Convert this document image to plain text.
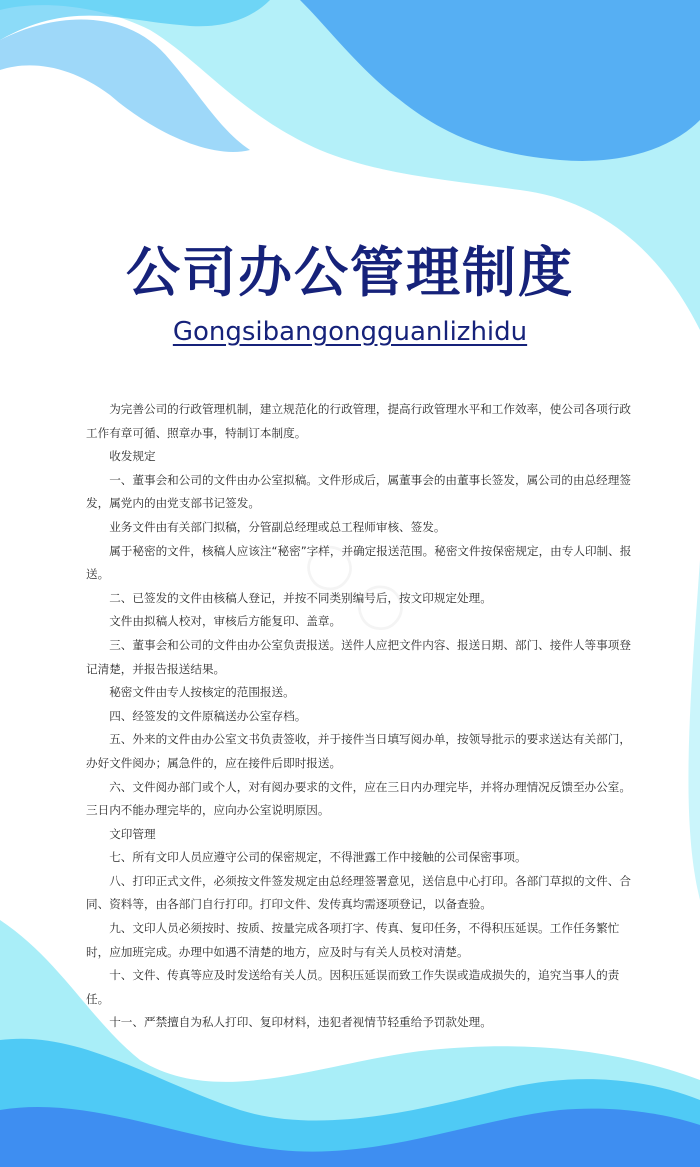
公司办公管理制度
Gongsibangongguanlizhidu

为完善公司的行政管理机制，建立规范化的行政管理，提高行政管理水平和工作效率，使公司各项行政工作有章可循、照章办事，特制订本制度。

收发规定

一、董事会和公司的文件由办公室拟稿。文件形成后，属董事会的由董事长签发，属公司的由总经理签发，属党内的由党支部书记签发。

业务文件由有关部门拟稿，分管副总经理或总工程师审核、签发。

属于秘密的文件，核稿人应该注“秘密”字样，并确定报送范围。秘密文件按保密规定，由专人印制、报送。

二、已签发的文件由核稿人登记，并按不同类别编号后，按文印规定处理。

文件由拟稿人校对，审核后方能复印、盖章。

三、董事会和公司的文件由办公室负责报送。送件人应把文件内容、报送日期、部门、接件人等事项登记清楚，并报告报送结果。

秘密文件由专人按核定的范围报送。

四、经签发的文件原稿送办公室存档。

五、外来的文件由办公室文书负责签收，并于接件当日填写阅办单，按领导批示的要求送达有关部门，办好文件阅办；属急件的，应在接件后即时报送。

六、文件阅办部门或个人，对有阅办要求的文件，应在三日内办理完毕，并将办理情况反馈至办公室。三日内不能办理完毕的，应向办公室说明原因。

文印管理

七、所有文印人员应遵守公司的保密规定，不得泄露工作中接触的公司保密事项。

八、打印正式文件，必须按文件签发规定由总经理签署意见，送信息中心打印。各部门草拟的文件、合同、资料等，由各部门自行打印。打印文件、发传真均需逐项登记，以备查验。

九、文印人员必须按时、按质、按量完成各项打字、传真、复印任务，不得积压延误。工作任务繁忙时，应加班完成。办理中如遇不清楚的地方，应及时与有关人员校对清楚。

十、文件、传真等应及时发送给有关人员。因积压延误而致工作失误或造成损失的，追究当事人的责任。

十一、严禁擅自为私人打印、复印材料，违犯者视情节轻重给予罚款处理。
